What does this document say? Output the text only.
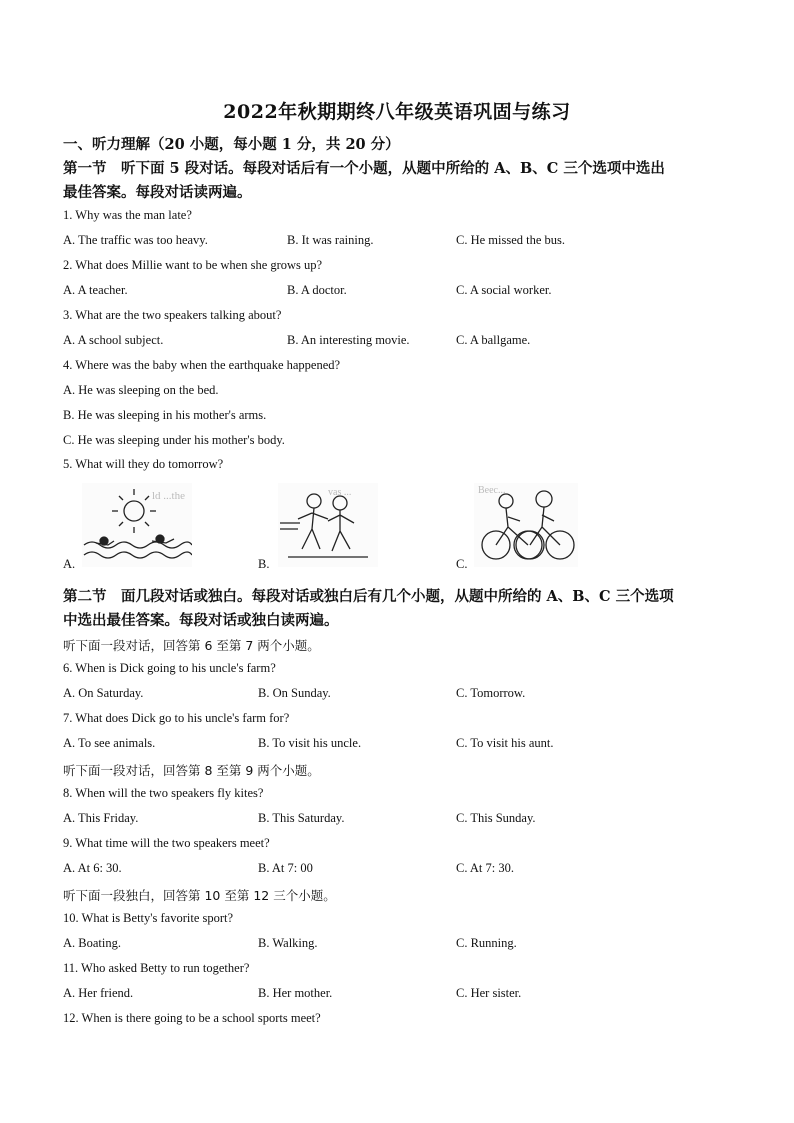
2022年秋期期终八年级英语巩固与练习
一、听力理解（20 小题，每小题 1 分，共 20 分）
第一节　听下面 5 段对话。每段对话后有一个小题，从题中所给的 A、B、C 三个选项中选出
最佳答案。每段对话读两遍。
1. Why was the man late?
A. The traffic was too heavy.	B. It was raining.	C. He missed the bus.
2. What does Millie want to be when she grows up?
A. A teacher.	B. A doctor.	C. A social worker.
3. What are the two speakers talking about?
A. A school subject.	B. An interesting movie.	C. A ballgame.
4. Where was the baby when the earthquake happened?
A. He was sleeping on the bed.
B. He was sleeping in his mother's arms.
C. He was sleeping under his mother's body.
5. What will they do tomorrow?
A.
ld ...the
B.
vas ...
C.
Beec...
第二节　面几段对话或独白。每段对话或独白后有几个小题，从题中所给的 A、B、C 三个选项
中选出最佳答案。每段对话或独白读两遍。
听下面一段对话，回答第 6 至第 7 两个小题。
6. When is Dick going to his uncle's farm?
A. On Saturday.	B. On Sunday.	C. Tomorrow.
7. What does Dick go to his uncle's farm for?
A. To see animals.	B. To visit his uncle.	C. To visit his aunt.
听下面一段对话，回答第 8 至第 9 两个小题。
8. When will the two speakers fly kites?
A. This Friday.	B. This Saturday.	C. This Sunday.
9. What time will the two speakers meet?
A. At 6: 30.	B. At 7: 00	C. At 7: 30.
听下面一段独白，回答第 10 至第 12 三个小题。
10. What is Betty's favorite sport?
A. Boating.	B. Walking.	C. Running.
11. Who asked Betty to run together?
A. Her friend.	B. Her mother.	C. Her sister.
12. When is there going to be a school sports meet?
